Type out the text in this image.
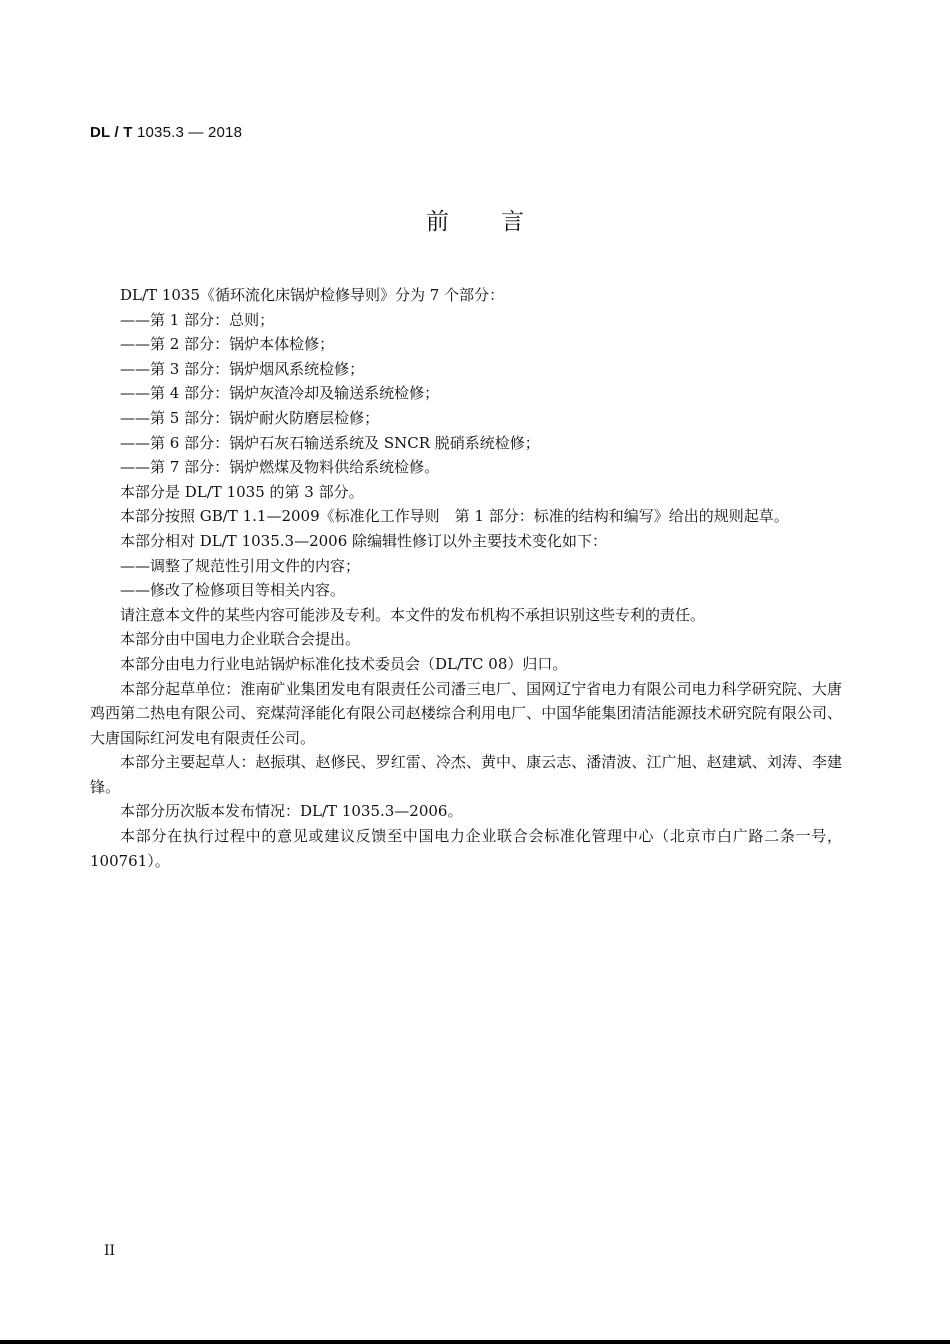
DL / T 1035.3 — 2018
前言

DL/T 1035《循环流化床锅炉检修导则》分为 7 个部分：

——第 1 部分：总则；

——第 2 部分：锅炉本体检修；

——第 3 部分：锅炉烟风系统检修；

——第 4 部分：锅炉灰渣冷却及输送系统检修；

——第 5 部分：锅炉耐火防磨层检修；

——第 6 部分：锅炉石灰石输送系统及 SNCR 脱硝系统检修；

——第 7 部分：锅炉燃煤及物料供给系统检修。

本部分是 DL/T 1035 的第 3 部分。

本部分按照 GB/T 1.1—2009《标准化工作导则　第 1 部分：标准的结构和编写》给出的规则起草。

本部分相对 DL/T 1035.3—2006 除编辑性修订以外主要技术变化如下：

——调整了规范性引用文件的内容；

——修改了检修项目等相关内容。

请注意本文件的某些内容可能涉及专利。本文件的发布机构不承担识别这些专利的责任。

本部分由中国电力企业联合会提出。

本部分由电力行业电站锅炉标准化技术委员会（DL/TC 08）归口。

本部分起草单位：淮南矿业集团发电有限责任公司潘三电厂、国网辽宁省电力有限公司电力科学研究院、大唐鸡西第二热电有限公司、兖煤菏泽能化有限公司赵楼综合利用电厂、中国华能集团清洁能源技术研究院有限公司、大唐国际红河发电有限责任公司。

本部分主要起草人：赵振琪、赵修民、罗红雷、冷杰、黄中、康云志、潘清波、江广旭、赵建斌、刘涛、李建锋。

本部分历次版本发布情况：DL/T 1035.3—2006。

本部分在执行过程中的意见或建议反馈至中国电力企业联合会标准化管理中心（北京市白广路二条一号，100761）。

II
